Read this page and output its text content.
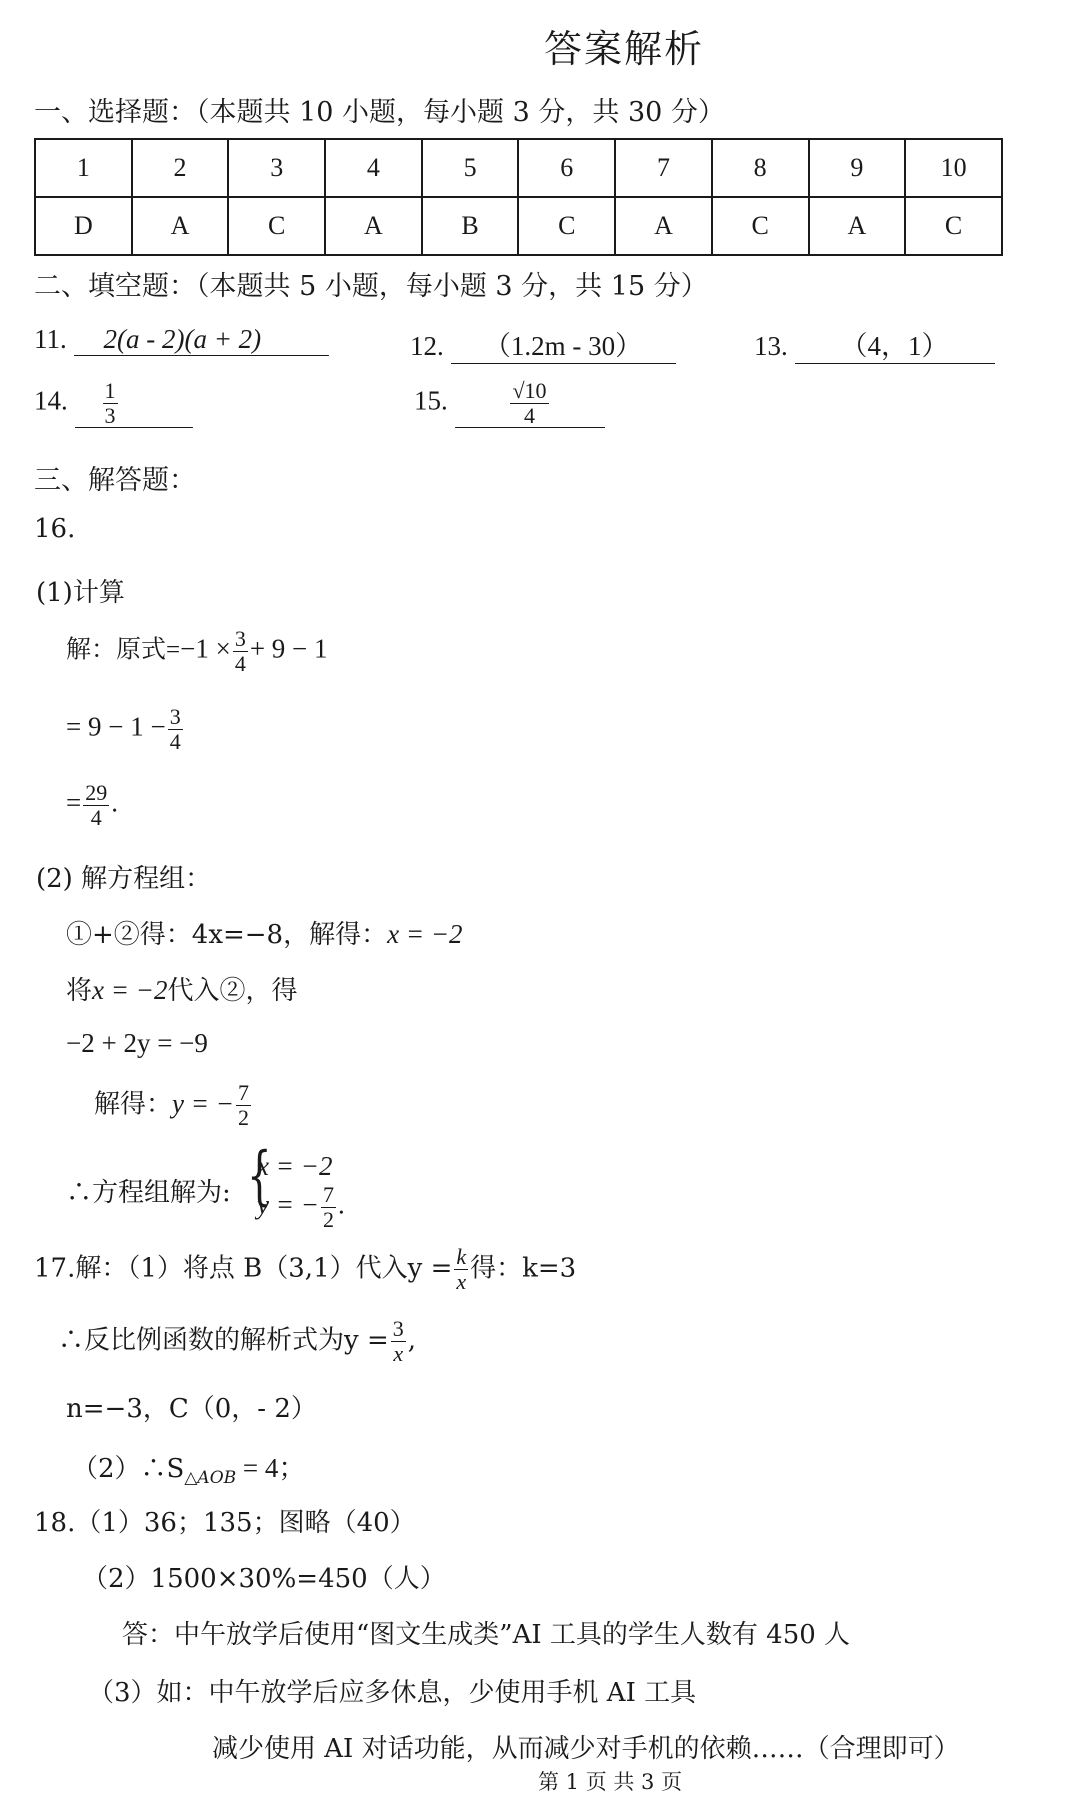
答案解析
一、选择题：（本题共 10 小题，每小题 3 分，共 30 分）
1	2	3	4	5	6	7	8	9	10
D	A	C	A	B	C	A	C	A	C
二、填空题：（本题共 5 小题，每小题 3 分，共 15 分）
11. 2(a - 2)(a + 2)	12. （1.2m - 30）	13. （4，1）
14. $\frac{1}{3}$	15.	$\frac{√10}{4}$
三、解答题：
16.
(1)计算
解：原式$=-1 \times \frac{3}{4} + 9 - 1$
= $9 - 1 - \frac{3}{4}$
= $\frac{29}{4}$ .
(2) 解方程组：
①+②得：4x=−8，解得：x = −2
将x = −2代入②，得
−2 + 2y = −9
解得：y = − $\frac{7}{2}$
∴方程组解为: {
x = −2
y = − $\frac{7}{2}$ .
17.解：（1）将点 B（3,1）代入$y = \frac{k}{x}$ 得：k=3
∴反比例函数的解析式为$y = \frac{3}{x}$ ,
n=−3，C（0，- 2）
$(2)\therefore S_{\triangle AOB} = 4$；
18.（1）36；135；图略（40）
（2）1500×30%=450（人）
答：中午放学后使用“图文生成类”AI 工具的学生人数有 450 人
（3）如：中午放学后应多休息，少使用手机 AI 工具
减少使用 AI 对话功能，从而减少对手机的依赖……（合理即可）
第 1 页 共 3 页
